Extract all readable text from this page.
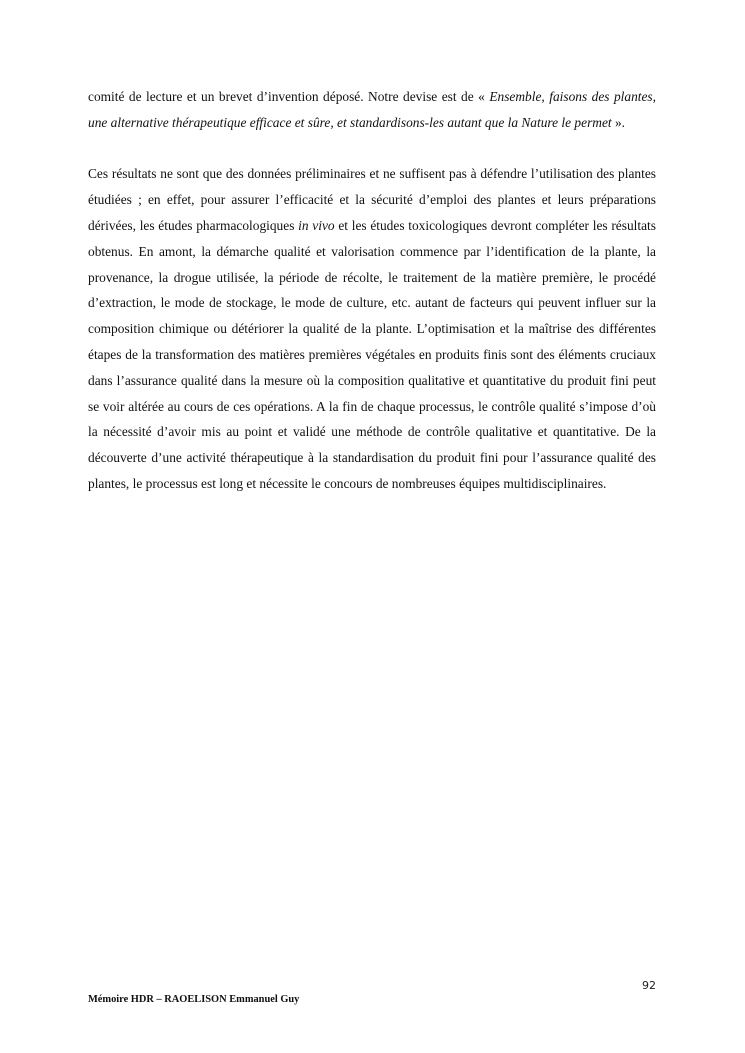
comité de lecture et un brevet d’invention déposé. Notre devise est de « Ensemble, faisons des plantes, une alternative thérapeutique efficace et sûre, et standardisons-les autant que la Nature le permet ».

Ces résultats ne sont que des données préliminaires et ne suffisent pas à défendre l’utilisation des plantes étudiées ; en effet, pour assurer l’efficacité et la sécurité d’emploi des plantes et leurs préparations dérivées, les études pharmacologiques in vivo et les études toxicologiques devront compléter les résultats obtenus. En amont, la démarche qualité et valorisation commence par l’identification de la plante, la provenance, la drogue utilisée, la période de récolte, le traitement de la matière première, le procédé d’extraction, le mode de stockage, le mode de culture, etc. autant de facteurs qui peuvent influer sur la composition chimique ou détériorer la qualité de la plante. L’optimisation et la maîtrise des différentes étapes de la transformation des matières premières végétales en produits finis sont des éléments cruciaux dans l’assurance qualité dans la mesure où la composition qualitative et quantitative du produit fini peut se voir altérée au cours de ces opérations. A la fin de chaque processus, le contrôle qualité s’impose d’où la nécessité d’avoir mis au point et validé une méthode de contrôle qualitative et quantitative. De la découverte d’une activité thérapeutique à la standardisation du produit fini pour l’assurance qualité des plantes, le processus est long et nécessite le concours de nombreuses équipes multidisciplinaires.

92
Mémoire HDR – RAOELISON Emmanuel Guy
